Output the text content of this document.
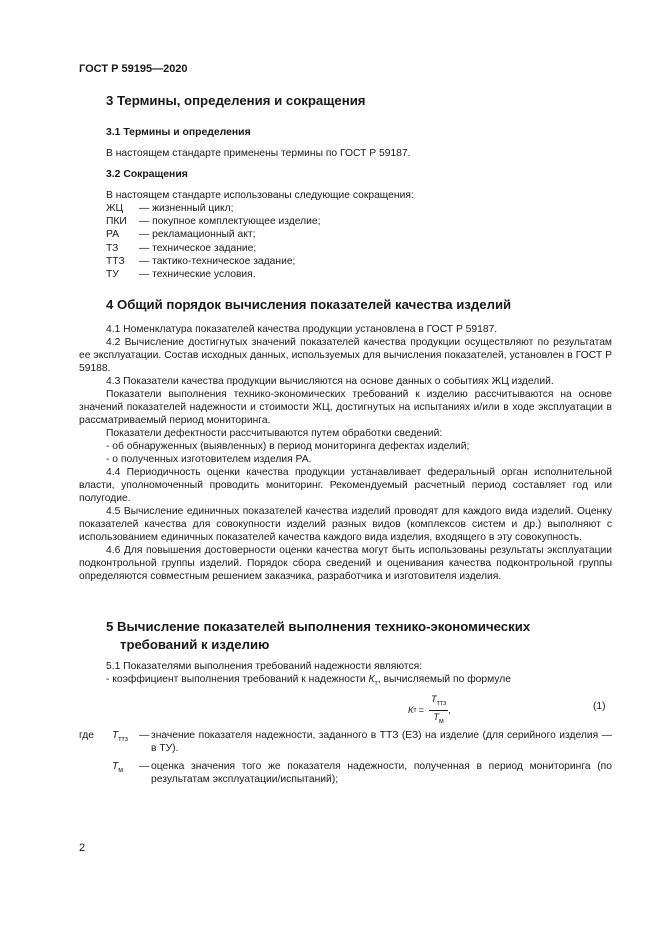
ГОСТ Р 59195—2020
3 Термины, определения и сокращения
3.1 Термины и определения
В настоящем стандарте применены термины по ГОСТ Р 59187.
3.2 Сокращения
В настоящем стандарте использованы следующие сокращения:
ЖЦ	— жизненный цикл;
ПКИ	— покупное комплектующее изделие;
РА	— рекламационный акт;
ТЗ	— техническое задание;
ТТЗ	— тактико-техническое задание;
ТУ	— технические условия.
4 Общий порядок вычисления показателей качества изделий
4.1 Номенклатура показателей качества продукции установлена в ГОСТ Р 59187.
4.2 Вычисление достигнутых значений показателей качества продукции осуществляют по результатам ее эксплуатации. Состав исходных данных, используемых для вычисления показателей, установлен в ГОСТ Р 59188.
4.3 Показатели качества продукции вычисляются на основе данных о событиях ЖЦ изделий.
Показатели выполнения технико-экономических требований к изделию рассчитываются на основе значений показателей надежности и стоимости ЖЦ, достигнутых на испытаниях и/или в ходе эксплуатации в рассматриваемый период мониторинга.
Показатели дефектности рассчитываются путем обработки сведений:
- об обнаруженных (выявленных) в период мониторинга дефектах изделий;
- о полученных изготовителем изделия РА.
4.4 Периодичность оценки качества продукции устанавливает федеральный орган исполнительной власти, уполномоченный проводить мониторинг. Рекомендуемый расчетный период составляет год или полугодие.
4.5 Вычисление единичных показателей качества изделий проводят для каждого вида изделий. Оценку показателей качества для совокупности изделий разных видов (комплексов систем и др.) выполняют с использованием единичных показателей качества каждого вида изделия, входящего в эту совокупность.
4.6 Для повышения достоверности оценки качества могут быть использованы результаты эксплуатации подконтрольной группы изделий. Порядок сбора сведений и оценивания качества подконтрольной группы определяются совместным решением заказчика, разработчика и изготовителя изделия.
5 Вычисление показателей выполнения технико-экономических
требований к изделию
5.1 Показателями выполнения требований надежности являются:
- коэффициент выполнения требований к надежности $К_т$, вычисляемый по формуле
К $т = \frac{Т_{ттз}}{Т_м}$ ,	(1)
где	$Т_{ттз}$	— значение показателя надежности, заданного в ТТЗ (ЕЗ) на изделие (для серийного изделия — в ТУ).
$Т_м$	— оценка значения того же показателя надежности, полученная в период мониторинга (по результатам эксплуатации/испытаний);
2
